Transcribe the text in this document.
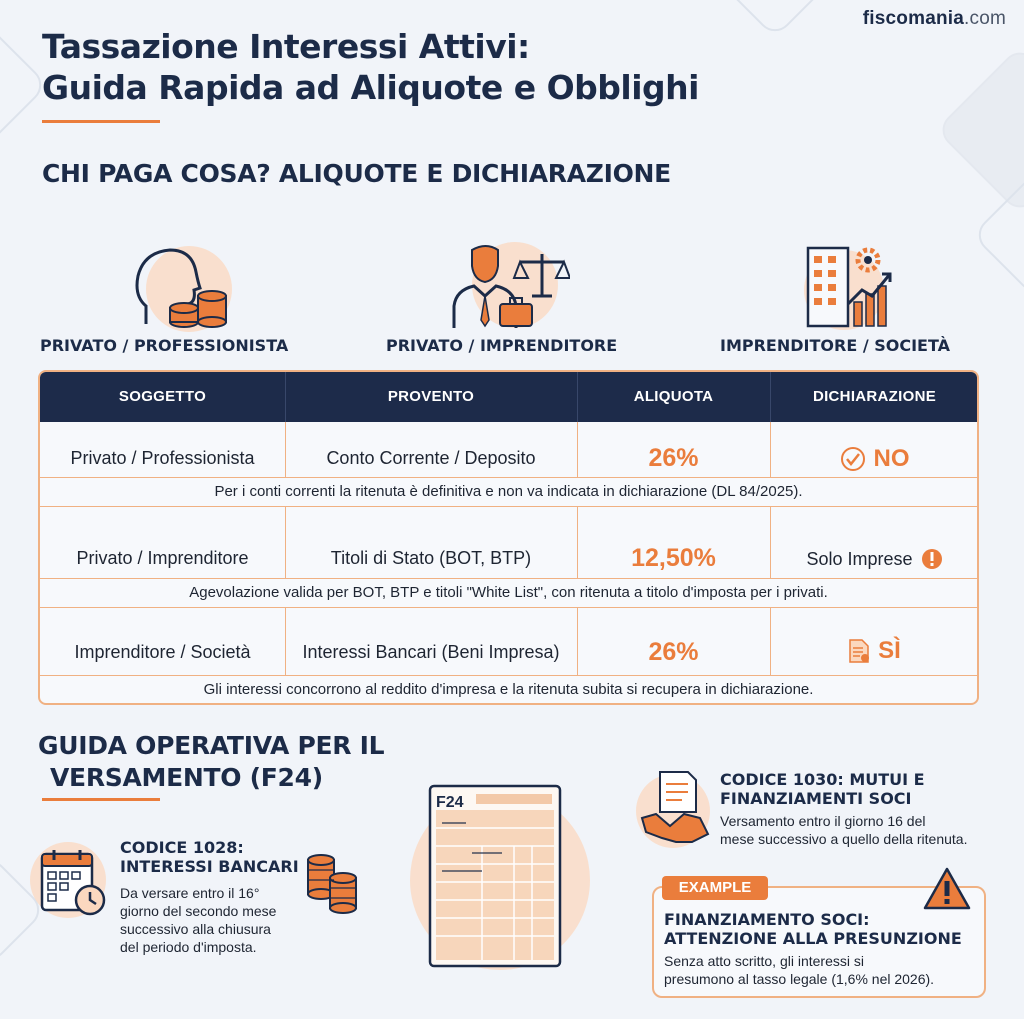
fiscomania.com
Tassazione Interessi Attivi:
Guida Rapida ad Aliquote e Obblighi
CHI PAGA COSA? ALIQUOTE E DICHIARAZIONE
PRIVATO / PROFESSIONISTA	PRIVATO / IMPRENDITORE	IMPRENDITORE / SOCIETÀ
SOGGETTO	PROVENTO	ALIQUOTA	DICHIARAZIONE
Privato / Professionista	Conto Corrente / Deposito	26%	NO
Per i conti correnti la ritenuta è definitiva e non va indicata in dichiarazione (DL 84/2025).
Privato / Imprenditore	Titoli di Stato (BOT, BTP)	12,50%	Solo Imprese
Agevolazione valida per BOT, BTP e titoli "White List", con ritenuta a titolo d'imposta per i privati.
Imprenditore / Società	Interessi Bancari (Beni Impresa)	26%	SÌ
Gli interessi concorrono al reddito d'impresa e la ritenuta subita si recupera in dichiarazione.
GUIDA OPERATIVA PER IL
VERSAMENTO (F24)
CODICE 1028:
INTERESSI BANCARI
Da versare entro il 16°
giorno del secondo mese
successivo alla chiusura
del periodo d'imposta.
F24
CODICE 1030: MUTUI E
FINANZIAMENTI SOCI
Versamento entro il giorno 16 del
mese successivo a quello della ritenuta.
EXAMPLE
FINANZIAMENTO SOCI:
ATTENZIONE ALLA PRESUNZIONE
Senza atto scritto, gli interessi si
presumono al tasso legale (1,6% nel 2026).
